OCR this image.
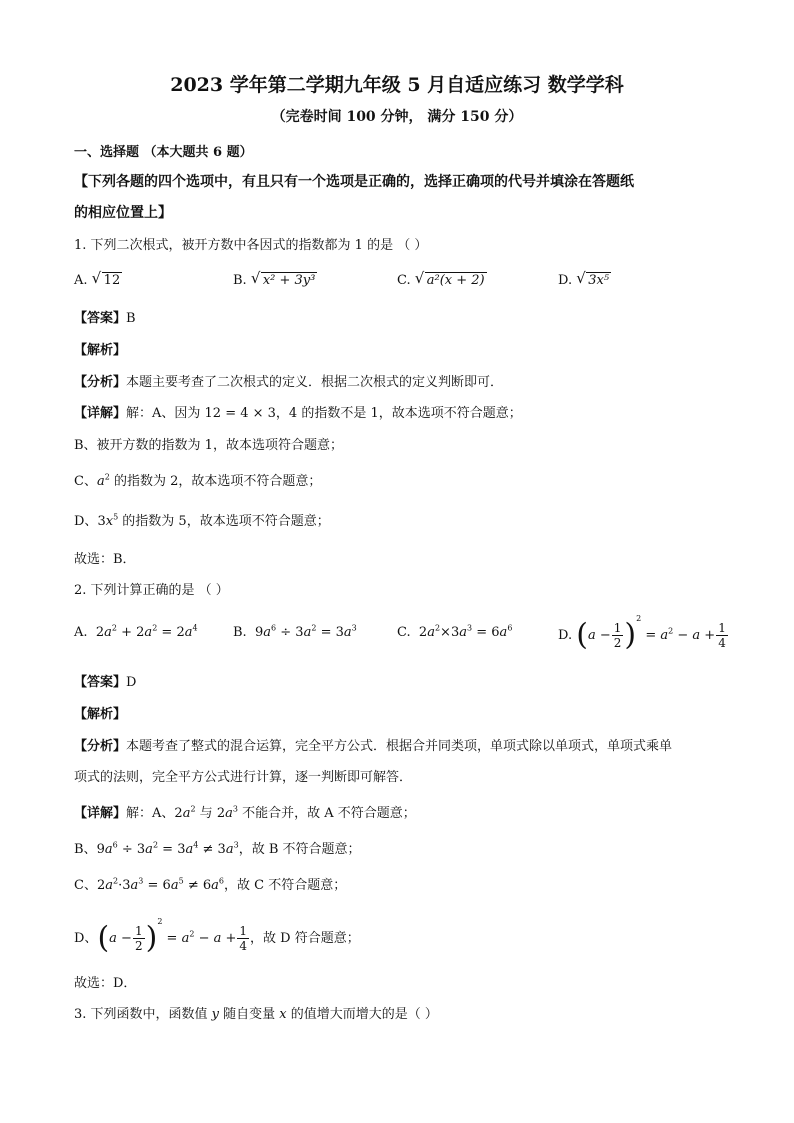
2023 学年第二学期九年级 5 月自适应练习 数学学科
（完卷时间 100 分钟， 满分 150 分）
一、选择题 （本大题共 6 题）
【下列各题的四个选项中，有且只有一个选项是正确的，选择正确项的代号并填涂在答题纸
的相应位置上】
1. 下列二次根式，被开方数中各因式的指数都为 1 的是 （ ）
A. √ 12	B. √ x² + 3y³	C. √ a²(x + 2)	D. √ 3x⁵
【答案】B
【解析】
【分析】本题主要考查了二次根式的定义．根据二次根式的定义判断即可．
【详解】解：A、因为 12 = 4 × 3，4 的指数不是 1，故本选项不符合题意；
B、被开方数的指数为 1，故本选项符合题意；
C、$a^2$ 的指数为 2，故本选项不符合题意；
D、$3x^5$ 的指数为 5，故本选项不符合题意；
故选：B．
2. 下列计算正确的是 （ ）
A. $2a^2 + 2a^2 = 2a^4$	B. $9a^6 \div 3a^2 = 3a^3$	C. $2a^2\times 3a^3 = 6a^6$	D. $(a - \frac{1}{2} )^2 = a^2 - a + \frac{1}{4}$
【答案】D
【解析】
【分析】本题考查了整式的混合运算，完全平方公式．根据合并同类项，单项式除以单项式，单项式乘单
项式的法则，完全平方公式进行计算，逐一判断即可解答．
【详解】解：A、$2a^2$ 与 $2a^3$ 不能合并，故 A 不符合题意；
B、$9a^6 \div 3a^2 = 3a^4 \ne 3a^3$，故 B 不符合题意；
C、$2a^2\cdot 3a^3 = 6a^5 \ne 6a^6$，故 C 不符合题意；
D、$(a - \frac{1}{2} )^2 = a^2 - a + \frac{1}{4}$ ，故 D 符合题意；
故选：D．
3. 下列函数中，函数值 y 随自变量 x 的值增大而增大的是（ ）
